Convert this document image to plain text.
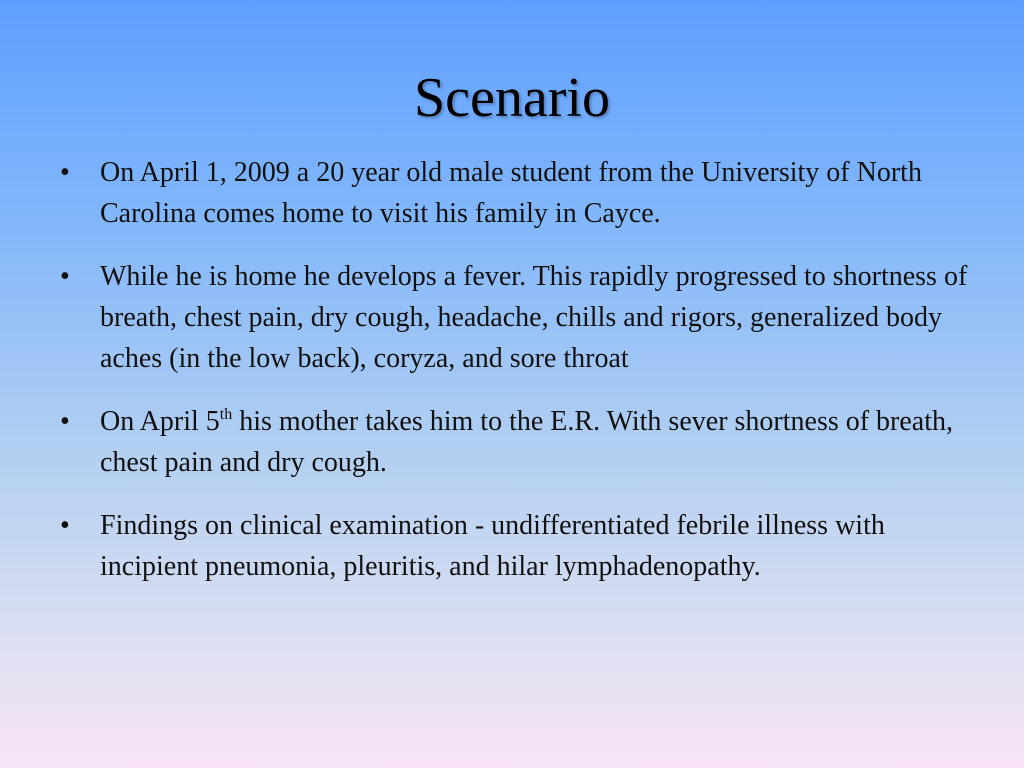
Scenario
• On April 1, 2009 a 20 year old male student from the University of North Carolina comes home to visit his family in Cayce.
• While he is home he develops a fever. This rapidly progressed to shortness of breath, chest pain, dry cough, headache, chills and rigors, generalized body aches (in the low back), coryza, and sore throat
• On April 5th his mother takes him to the E.R. With sever shortness of breath, chest pain and dry cough.
• Findings on clinical examination - undifferentiated febrile illness with incipient pneumonia, pleuritis, and hilar lymphadenopathy.
